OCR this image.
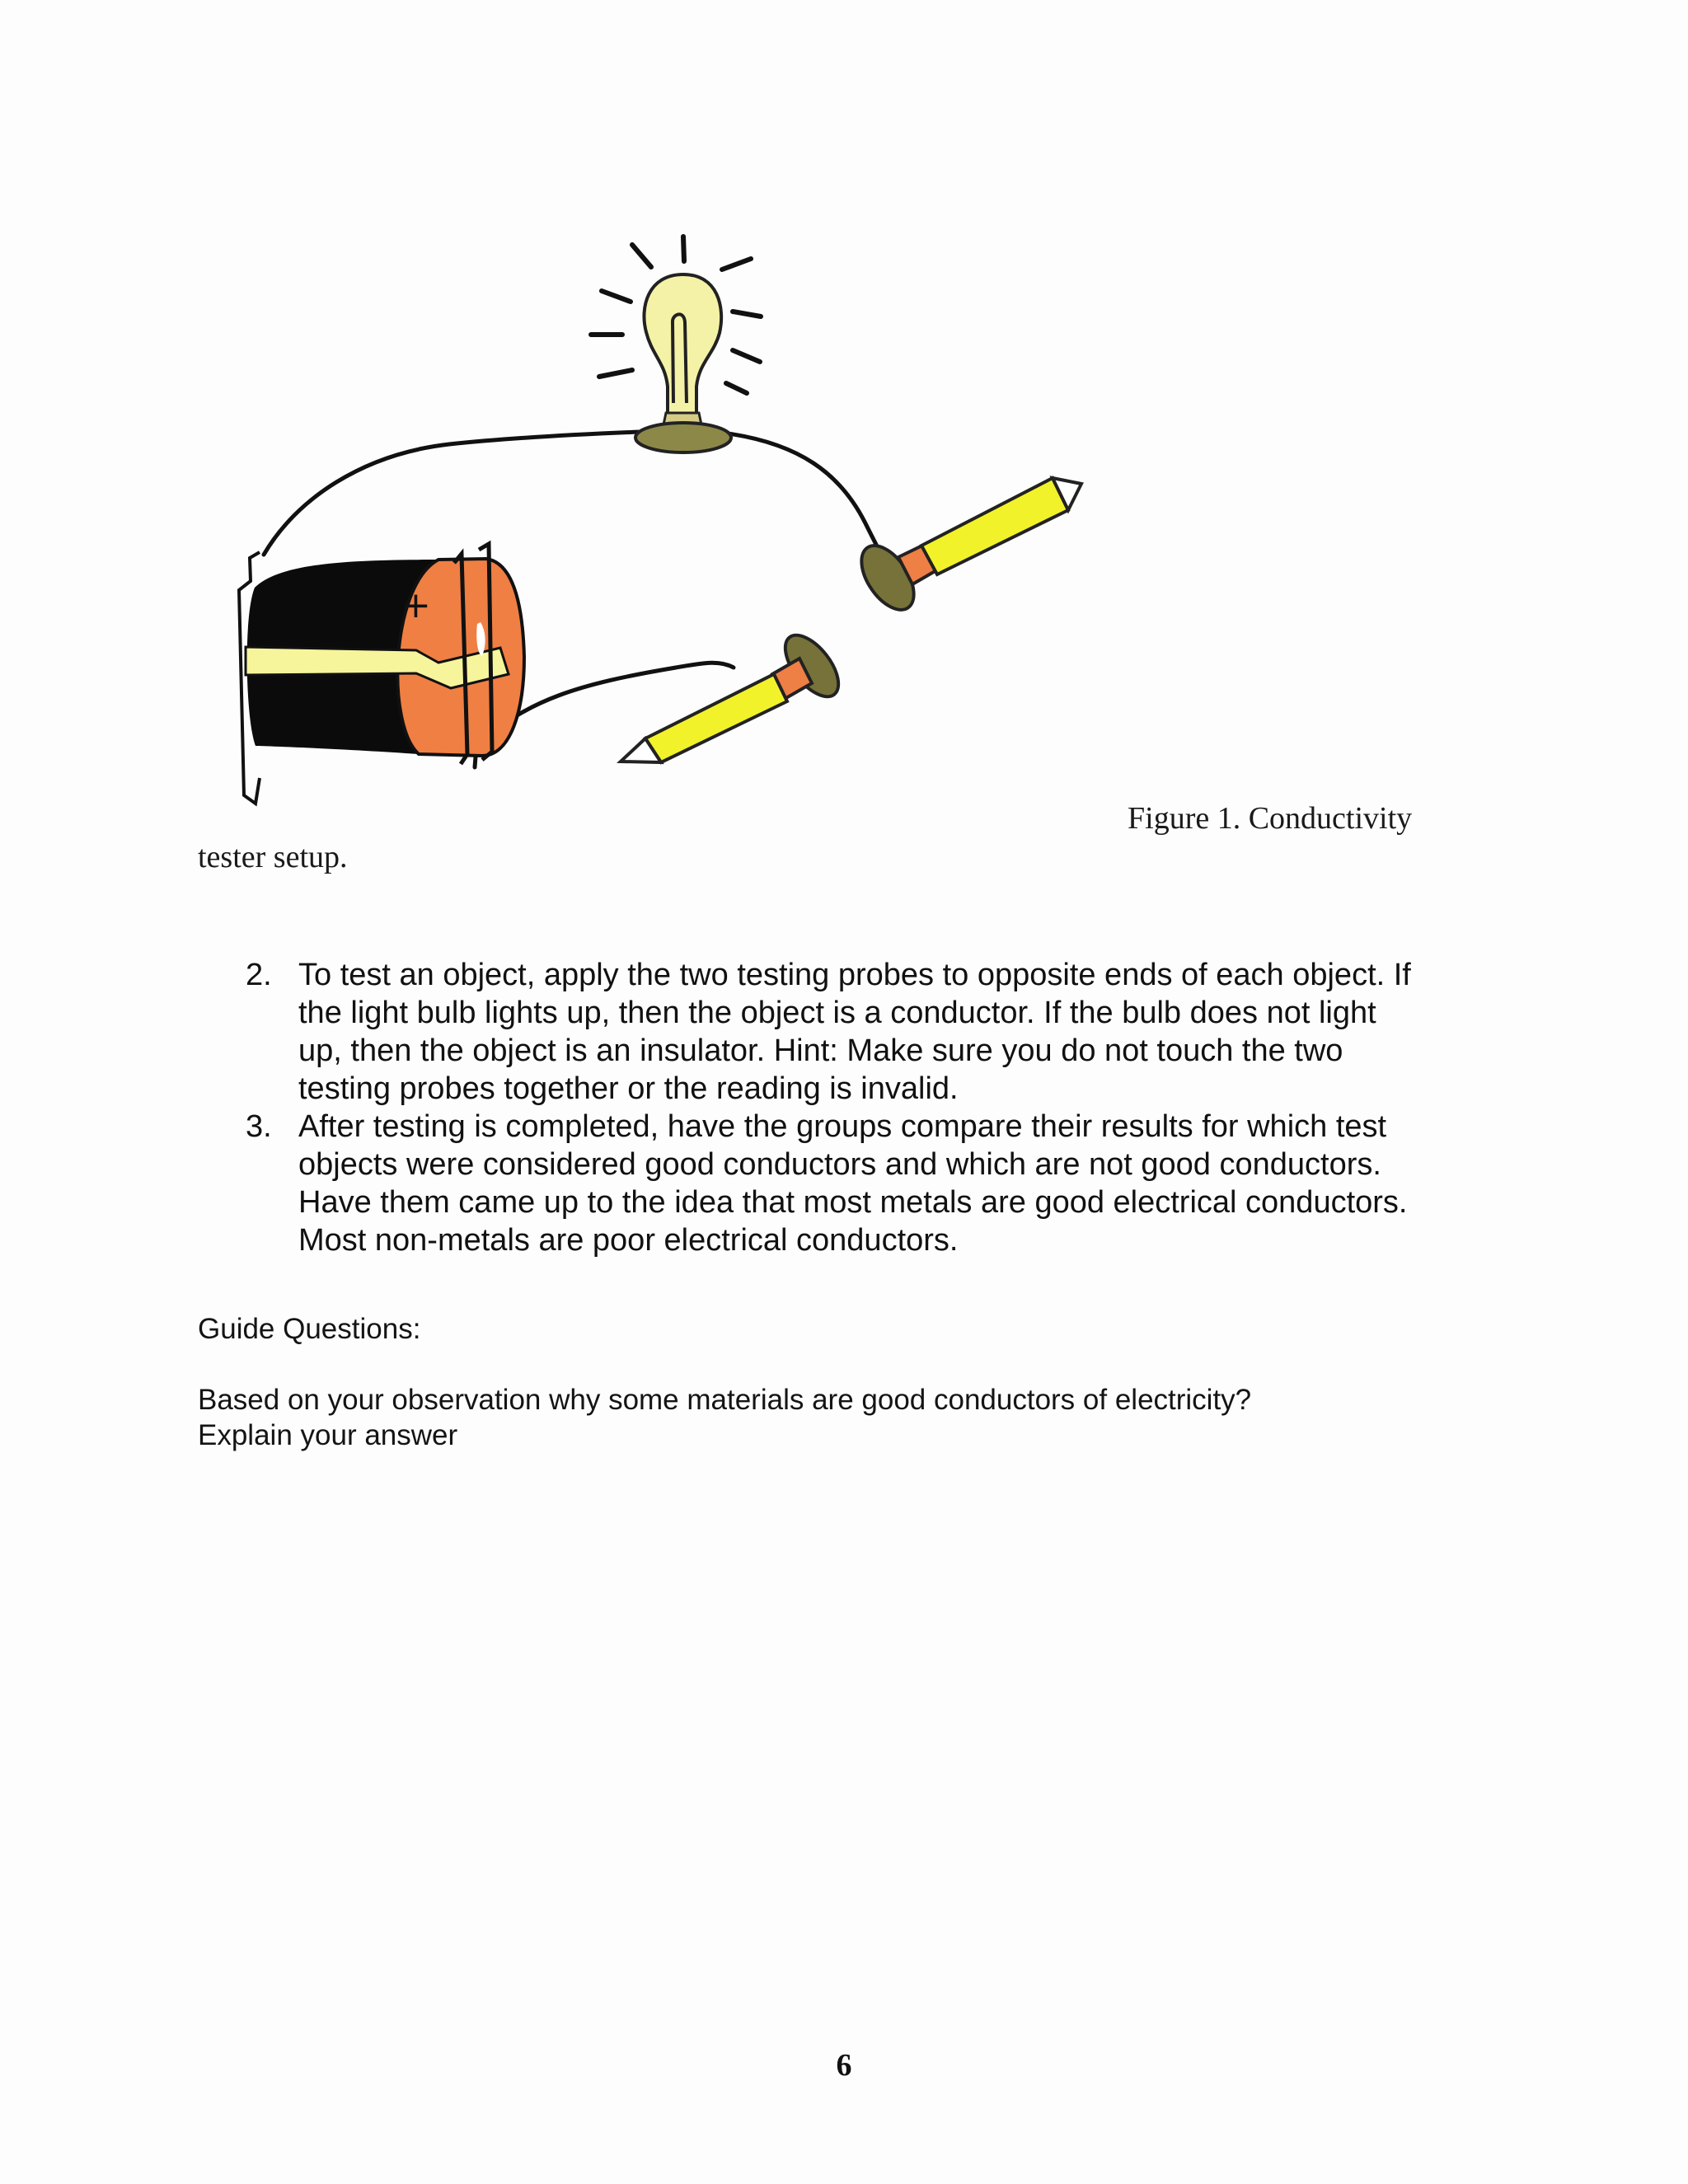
+
Figure 1. Conductivity
tester setup.
2. To test an object, apply the two testing probes to opposite ends of each object. If
the light bulb lights up, then the object is a conductor. If the bulb does not light
up, then the object is an insulator. Hint: Make sure you do not touch the two
testing probes together or the reading is invalid.
3. After testing is completed, have the groups compare their results for which test
objects were considered good conductors and which are not good conductors.
Have them came up to the idea that most metals are good electrical conductors.
Most non-metals are poor electrical conductors.
Guide Questions:
Based on your observation why some materials are good conductors of electricity?
Explain your answer
6
